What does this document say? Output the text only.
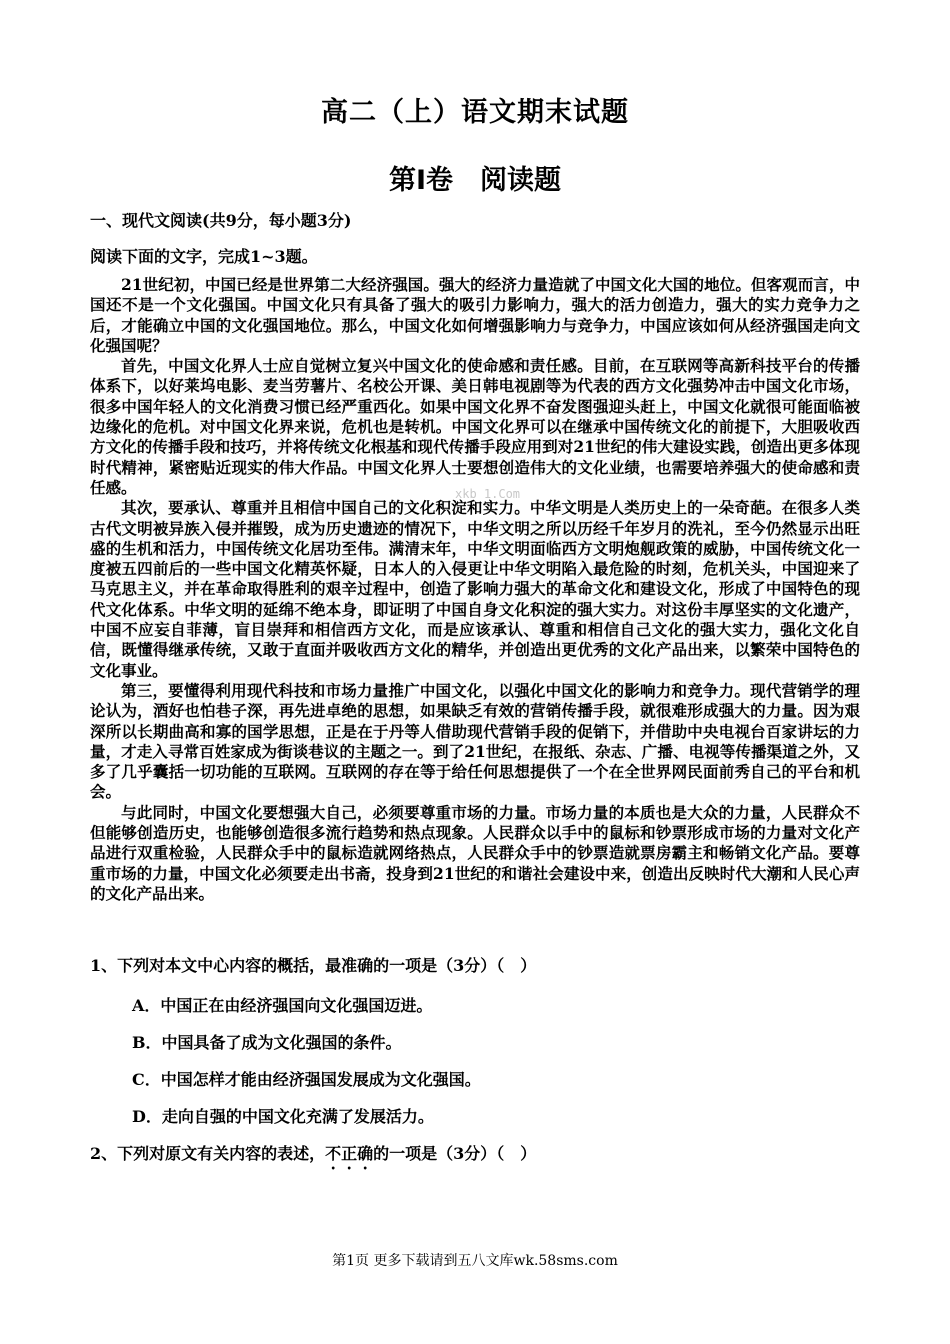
高二（上）语文期末试题
第Ⅰ卷　阅读题
一、现代文阅读(共9分，每小题3分)
阅读下面的文字，完成1~3题。

21世纪初，中国已经是世界第二大经济强国。强大的经济力量造就了中国文化大国的地位。但客观而言，中国还不是一个文化强国。中国文化只有具备了强大的吸引力影响力，强大的活力创造力，强大的实力竞争力之后，才能确立中国的文化强国地位。那么，中国文化如何增强影响力与竞争力，中国应该如何从经济强国走向文化强国呢？

首先，中国文化界人士应自觉树立复兴中国文化的使命感和责任感。目前，在互联网等高新科技平台的传播体系下，以好莱坞电影、麦当劳薯片、名校公开课、美日韩电视剧等为代表的西方文化强势冲击中国文化市场，很多中国年轻人的文化消费习惯已经严重西化。如果中国文化界不奋发图强迎头赶上，中国文化就很可能面临被边缘化的危机。对中国文化界来说，危机也是转机。中国文化界可以在继承中国传统文化的前提下，大胆吸收西方文化的传播手段和技巧，并将传统文化根基和现代传播手段应用到对21世纪的伟大建设实践，创造出更多体现时代精神，紧密贴近现实的伟大作品。中国文化界人士要想创造伟大的文化业绩，也需要培养强大的使命感和责任感。

其次，要承认、尊重并且相信中国自己的文化积淀和实力。中华文明是人类历史上的一朵奇葩。在很多人类古代文明被异族入侵并摧毁，成为历史遗迹的情况下，中华文明之所以历经千年岁月的洗礼，至今仍然显示出旺盛的生机和活力，中国传统文化居功至伟。满清末年，中华文明面临西方文明炮舰政策的威胁，中国传统文化一度被五四前后的一些中国文化精英怀疑，日本人的入侵更让中华文明陷入最危险的时刻，危机关头，中国迎来了马克思主义，并在革命取得胜利的艰辛过程中，创造了影响力强大的革命文化和建设文化，形成了中国特色的现代文化体系。中华文明的延绵不绝本身，即证明了中国自身文化积淀的强大实力。对这份丰厚坚实的文化遗产，中国不应妄自菲薄，盲目崇拜和相信西方文化，而是应该承认、尊重和相信自己文化的强大实力，强化文化自信，既懂得继承传统，又敢于直面并吸收西方文化的精华，并创造出更优秀的文化产品出来，以繁荣中国特色的文化事业。

第三，要懂得利用现代科技和市场力量推广中国文化，以强化中国文化的影响力和竞争力。现代营销学的理论认为，酒好也怕巷子深，再先进卓绝的思想，如果缺乏有效的营销传播手段，就很难形成强大的力量。因为艰深所以长期曲高和寡的国学思想，正是在于丹等人借助现代营销手段的促销下，并借助中央电视台百家讲坛的力量，才走入寻常百姓家成为街谈巷议的主题之一。到了21世纪，在报纸、杂志、广播、电视等传播渠道之外，又多了几乎囊括一切功能的互联网。互联网的存在等于给任何思想提供了一个在全世界网民面前秀自己的平台和机会。

与此同时，中国文化要想强大自己，必须要尊重市场的力量。市场力量的本质也是大众的力量，人民群众不但能够创造历史，也能够创造很多流行趋势和热点现象。人民群众以手中的鼠标和钞票形成市场的力量对文化产品进行双重检验，人民群众手中的鼠标造就网络热点，人民群众手中的钞票造就票房霸主和畅销文化产品。要尊重市场的力量，中国文化必须要走出书斋，投身到21世纪的和谐社会建设中来，创造出反映时代大潮和人民心声的文化产品出来。

xkb 1.Com
1、下列对本文中心内容的概括，最准确的一项是（3分）（　）
A．中国正在由经济强国向文化强国迈进。
B．中国具备了成为文化强国的条件。
C．中国怎样才能由经济强国发展成为文化强国。
D．走向自强的中国文化充满了发展活力。
2、下列对原文有关内容的表述，不正确的一项是（3分）（　）
第1页 更多下载请到五八文库wk.58sms.com
